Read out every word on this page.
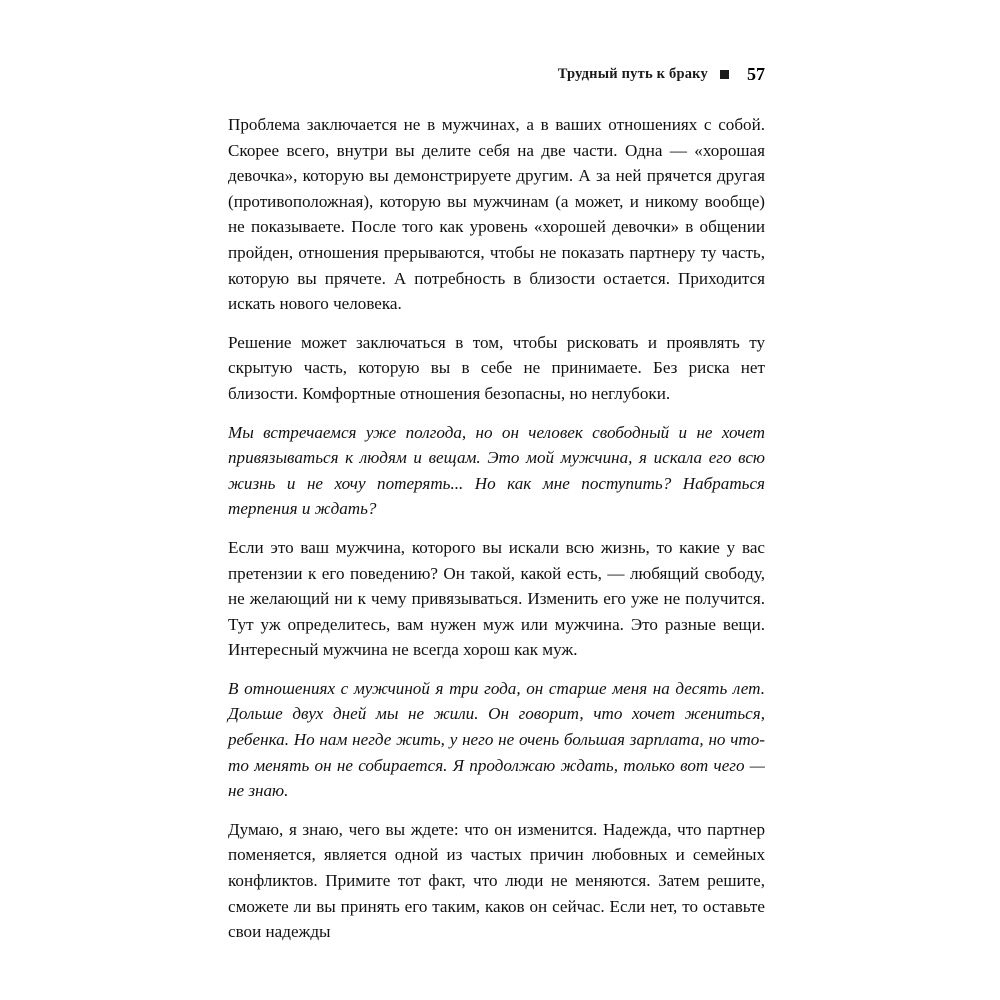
Трудный путь к браку	57

Проблема заключается не в мужчинах, а в ваших отношениях с собой. Скорее всего, внутри вы делите себя на две части. Одна — «хорошая девочка», которую вы демонстрируете другим. А за ней прячется другая (противоположная), которую вы мужчинам (а может, и никому вообще) не показываете. После того как уровень «хорошей девочки» в общении пройден, отношения прерываются, чтобы не показать партнеру ту часть, которую вы прячете. А потребность в близости остается. Приходится искать нового человека.

Решение может заключаться в том, чтобы рисковать и проявлять ту скрытую часть, которую вы в себе не принимаете. Без риска нет близости. Комфортные отношения безопасны, но неглубоки.

Мы встречаемся уже полгода, но он человек свободный и не хочет привязываться к людям и вещам. Это мой мужчина, я искала его всю жизнь и не хочу потерять... Но как мне поступить? Набраться терпения и ждать?

Если это ваш мужчина, которого вы искали всю жизнь, то какие у вас претензии к его поведению? Он такой, какой есть, — любящий свободу, не желающий ни к чему привязываться. Изменить его уже не получится. Тут уж определитесь, вам нужен муж или мужчина. Это разные вещи. Интересный мужчина не всегда хорош как муж.

В отношениях с мужчиной я три года, он старше меня на десять лет. Дольше двух дней мы не жили. Он говорит, что хочет жениться, ребенка. Но нам негде жить, у него не очень большая зарплата, но что-то менять он не собирается. Я продолжаю ждать, только вот чего — не знаю.

Думаю, я знаю, чего вы ждете: что он изменится. Надежда, что партнер поменяется, является одной из частых причин любовных и семейных конфликтов. Примите тот факт, что люди не меняются. Затем решите, сможете ли вы принять его таким, каков он сейчас. Если нет, то оставьте свои надежды
